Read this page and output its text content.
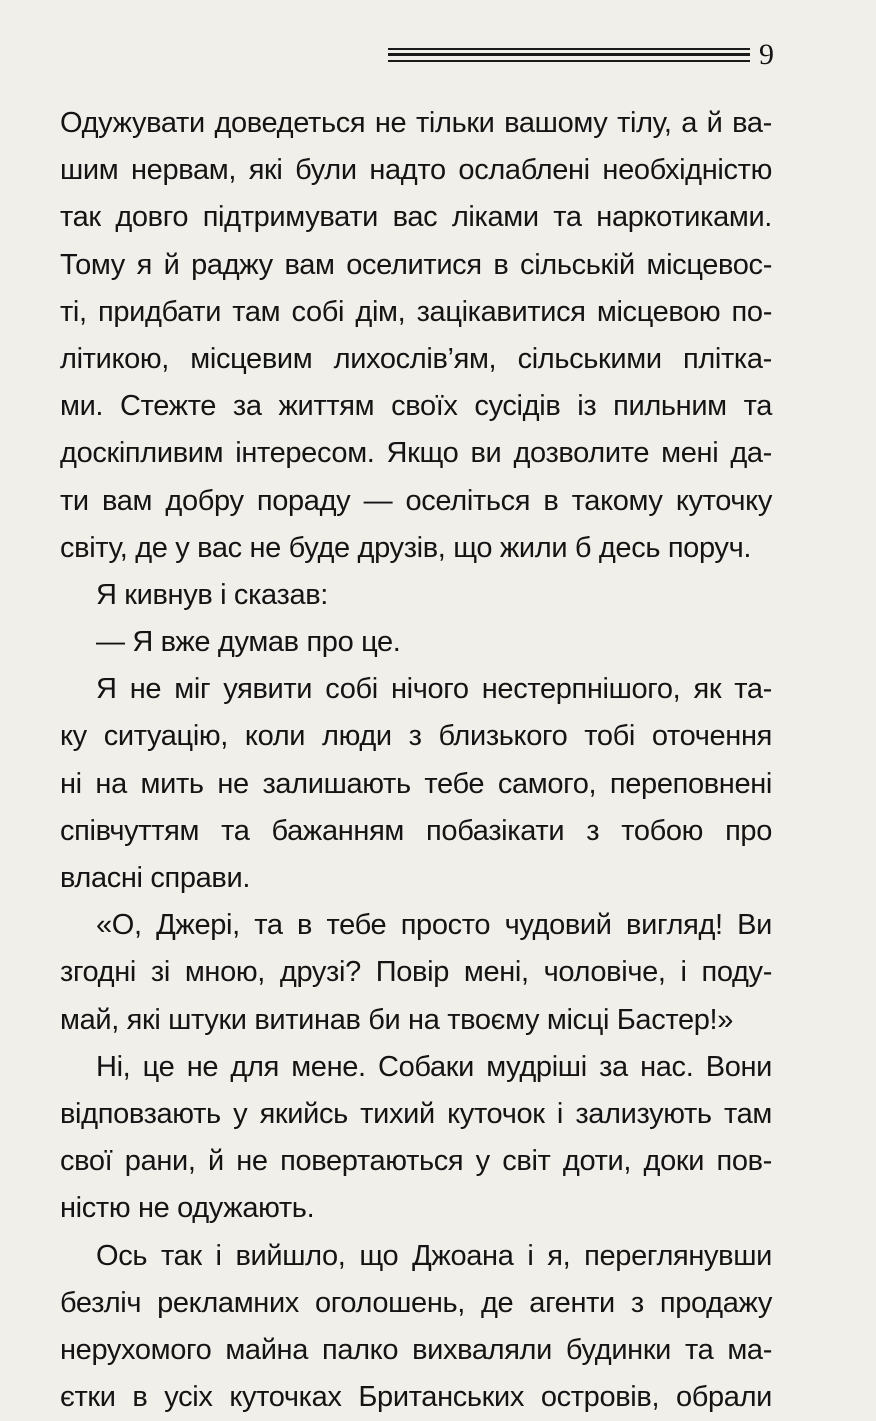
9
Одужувати доведеться не тільки вашому тілу, а й ва-
шим нервам, які були надто ослаблені необхідністю
так довго підтримувати вас ліками та наркотиками.
Тому я й раджу вам оселитися в сільській місцевос-
ті, придбати там собі дім, зацікавитися місцевою по-
літикою, місцевим лихослів’ям, сільськими плітка-
ми. Стежте за життям своїх сусідів із пильним та
доскіпливим інтересом. Якщо ви дозволите мені да-
ти вам добру пораду — оселіться в такому куточку
світу, де у вас не буде друзів, що жили б десь поруч.
Я кивнув і сказав:
— Я вже думав про це.
Я не міг уявити собі нічого нестерпнішого, як та-
ку ситуацію, коли люди з близького тобі оточення
ні на мить не залишають тебе самого, переповнені
співчуттям та бажанням побазікати з тобою про
власні справи.
«О, Джері, та в тебе просто чудовий вигляд! Ви
згодні зі мною, друзі? Повір мені, чоловіче, і поду-
май, які штуки витинав би на твоєму місці Бастер!»
Ні, це не для мене. Собаки мудріші за нас. Вони
відповзають у якийсь тихий куточок і зализують там
свої рани, й не повертаються у світ доти, доки пов-
ністю не одужають.
Ось так і вийшло, що Джоана і я, переглянувши
безліч рекламних оголошень, де агенти з продажу
нерухомого майна палко вихваляли будинки та ма-
єтки в усіх куточках Британських островів, обрали
